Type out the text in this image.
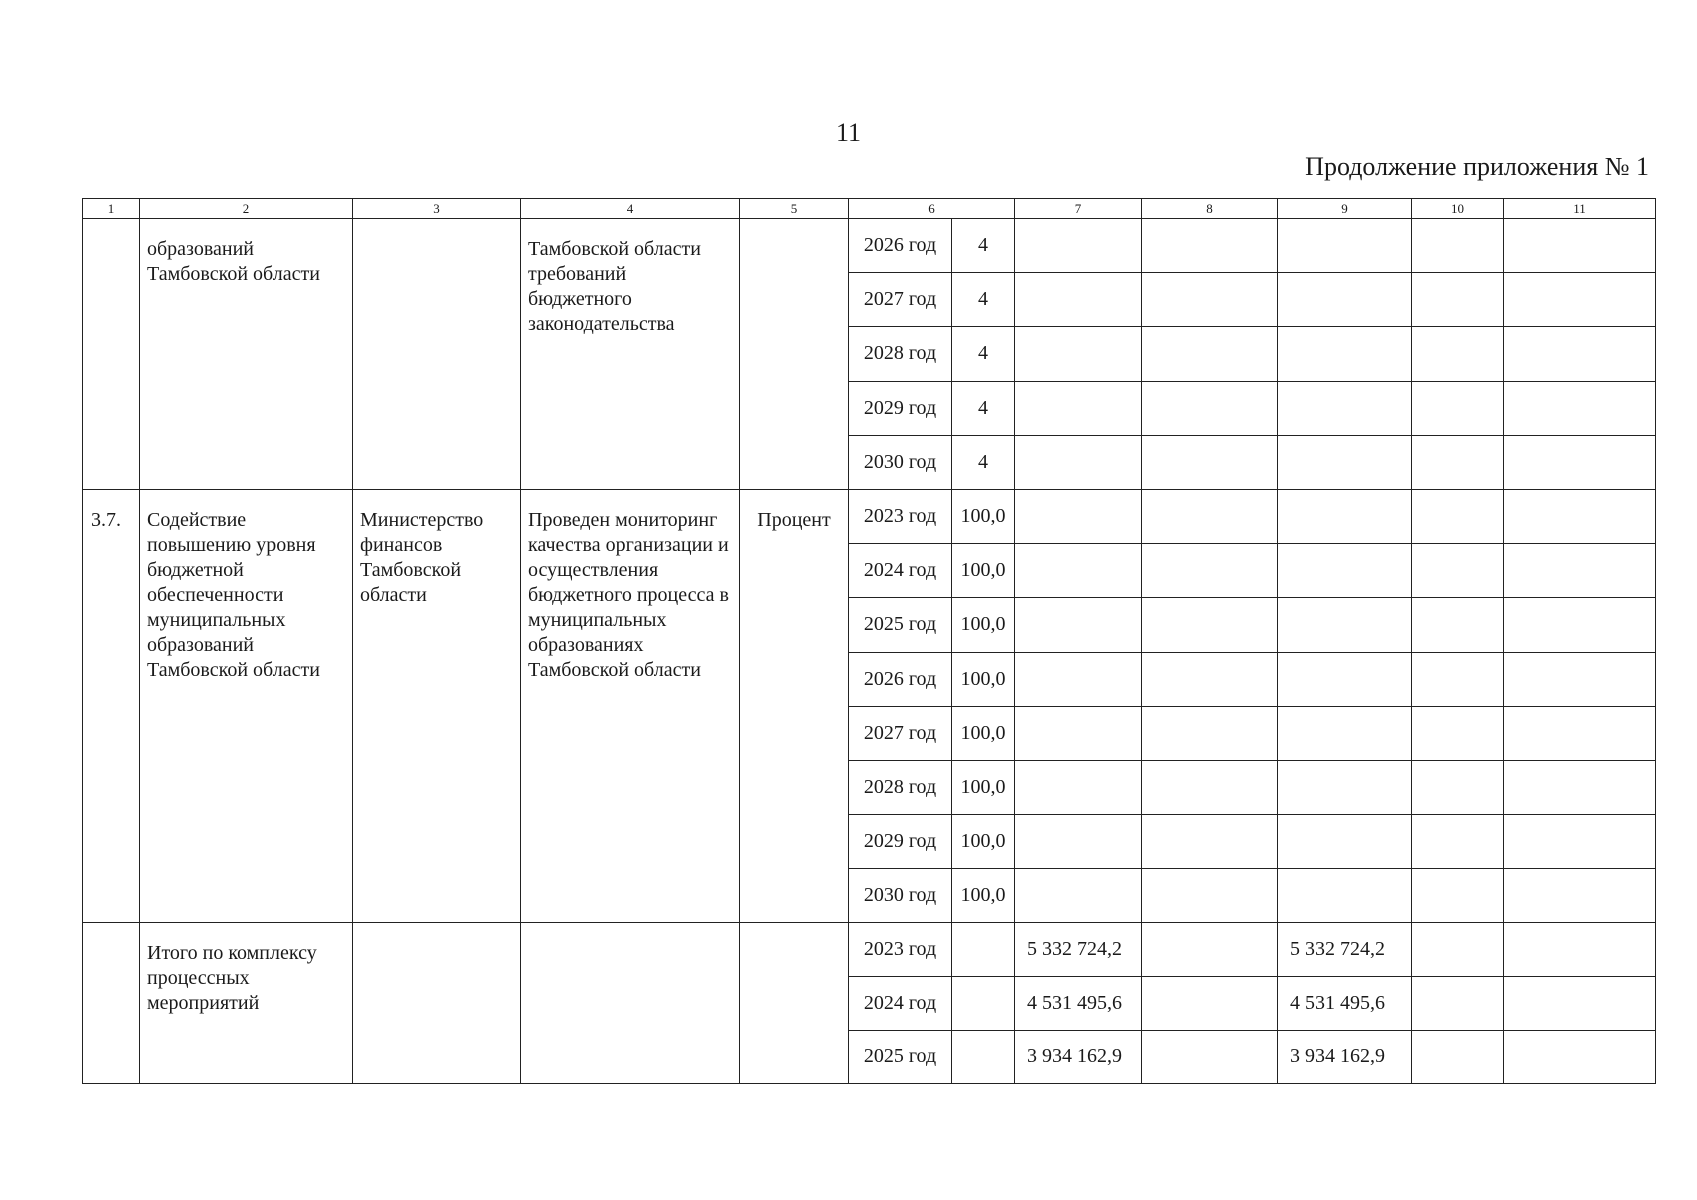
11
Продолжение приложения № 1
1	2	3	4	5	6		7	8	9	10	11

	образований Тамбовской области		Тамбовской области требований бюджетного законодательства		2026 год	4					
					2027 год	4					
					2028 год	4					
					2029 год	4					
					2030 год	4					

3.7.	Содействие повышению уровня бюджетной обеспеченности муниципальных образований Тамбовской области	Министерство финансов Тамбовской области	Проведен мониторинг качества организации и осуществления бюджетного процесса в муниципальных образованиях Тамбовской области	Процент	2023 год	100,0					
					2024 год	100,0					
					2025 год	100,0					
					2026 год	100,0					
					2027 год	100,0					
					2028 год	100,0					
					2029 год	100,0					
					2030 год	100,0					

	Итого по комплексу процессных мероприятий				2023 год		5 332 724,2		5 332 724,2		
					2024 год		4 531 495,6		4 531 495,6		
					2025 год		3 934 162,9		3 934 162,9		
